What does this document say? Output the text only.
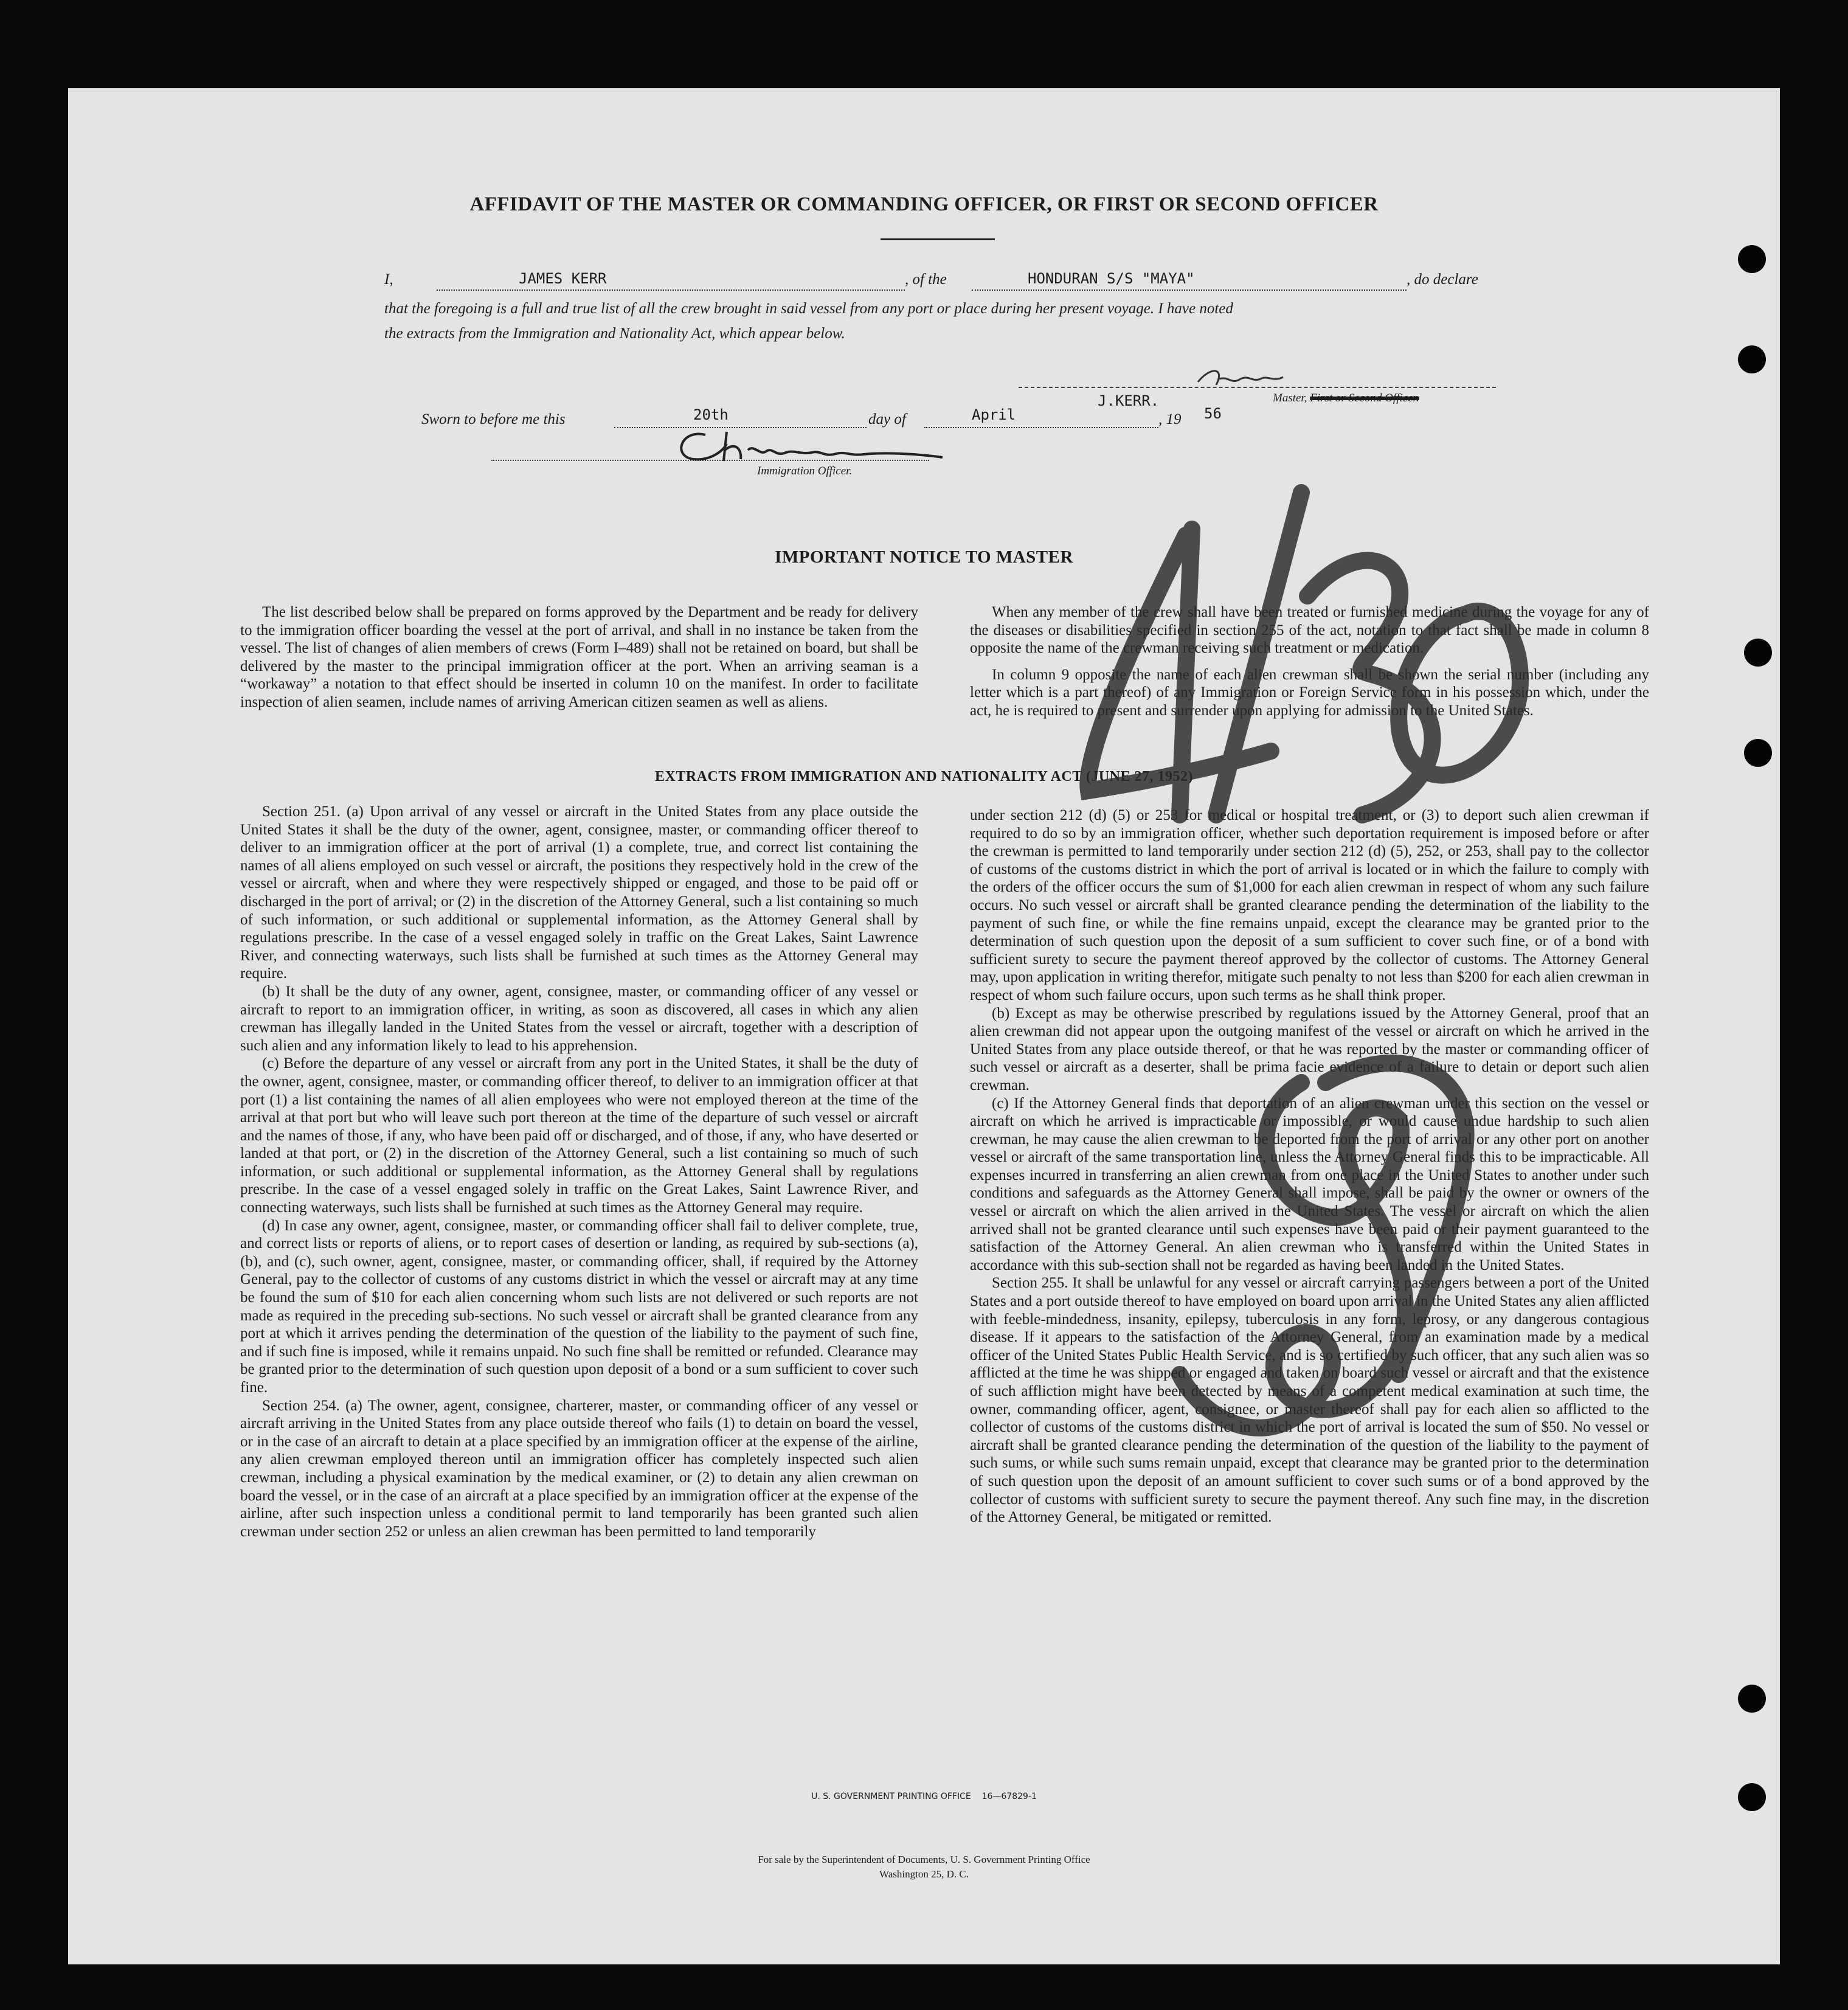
AFFIDAVIT OF THE MASTER OR COMMANDING OFFICER, OR FIRST OR SECOND OFFICER
I,	JAMES KERR	, of the	HONDURAN S/S "MAYA"	, do declare
that the foregoing is a full and true list of all the crew brought in said vessel from any port or place during her present voyage. I have noted
the extracts from the Immigration and Nationality Act, which appear below.
Master, First or Second Officer.
Sworn to before me this	20th	day of	April
J.KERR.
, 19 56
Immigration Officer.
IMPORTANT NOTICE TO MASTER

The list described below shall be prepared on forms approved by the Department and be ready for delivery to the immigration officer boarding the vessel at the port of arrival, and shall in no instance be taken from the vessel. The list of changes of alien members of crews (Form I–489) shall not be retained on board, but shall be delivered by the master to the principal immigration officer at the port. When an arriving seaman is a “workaway” a notation to that effect should be inserted in column 10 on the manifest. In order to facilitate inspection of alien seamen, include names of arriving American citizen seamen as well as aliens.

When any member of the crew shall have been treated or furnished medicine during the voyage for any of the diseases or disabilities specified in section 255 of the act, notation to that fact shall be made in column 8 opposite the name of the crewman receiving such treatment or medication.

In column 9 opposite the name of each alien crewman shall be shown the serial number (including any letter which is a part thereof) of any Immigration or Foreign Service form in his possession which, under the act, he is required to present and surrender upon applying for admission to the United States.

EXTRACTS FROM IMMIGRATION AND NATIONALITY ACT (JUNE 27, 1952)

Section 251. (a) Upon arrival of any vessel or aircraft in the United States from any place outside the United States it shall be the duty of the owner, agent, consignee, master, or commanding officer thereof to deliver to an immigration officer at the port of arrival (1) a complete, true, and correct list containing the names of all aliens employed on such vessel or aircraft, the positions they respectively hold in the crew of the vessel or aircraft, when and where they were respectively shipped or engaged, and those to be paid off or discharged in the port of arrival; or (2) in the discretion of the Attorney General, such a list containing so much of such information, or such additional or supplemental information, as the Attorney General shall by regulations prescribe. In the case of a vessel engaged solely in traffic on the Great Lakes, Saint Lawrence River, and connecting waterways, such lists shall be furnished at such times as the Attorney General may require.

(b) It shall be the duty of any owner, agent, consignee, master, or commanding officer of any vessel or aircraft to report to an immigration officer, in writing, as soon as discovered, all cases in which any alien crewman has illegally landed in the United States from the vessel or aircraft, together with a description of such alien and any information likely to lead to his apprehension.

(c) Before the departure of any vessel or aircraft from any port in the United States, it shall be the duty of the owner, agent, consignee, master, or commanding officer thereof, to deliver to an immigration officer at that port (1) a list containing the names of all alien employees who were not employed thereon at the time of the arrival at that port but who will leave such port thereon at the time of the departure of such vessel or aircraft and the names of those, if any, who have been paid off or discharged, and of those, if any, who have deserted or landed at that port, or (2) in the discretion of the Attorney General, such a list containing so much of such information, or such additional or supplemental information, as the Attorney General shall by regulations prescribe. In the case of a vessel engaged solely in traffic on the Great Lakes, Saint Lawrence River, and connecting waterways, such lists shall be furnished at such times as the Attorney General may require.

(d) In case any owner, agent, consignee, master, or commanding officer shall fail to deliver complete, true, and correct lists or reports of aliens, or to report cases of desertion or landing, as required by sub-sections (a), (b), and (c), such owner, agent, consignee, master, or commanding officer, shall, if required by the Attorney General, pay to the collector of customs of any customs district in which the vessel or aircraft may at any time be found the sum of $10 for each alien concerning whom such lists are not delivered or such reports are not made as required in the preceding sub-sections. No such vessel or aircraft shall be granted clearance from any port at which it arrives pending the determination of the question of the liability to the payment of such fine, and if such fine is imposed, while it remains unpaid. No such fine shall be remitted or refunded. Clearance may be granted prior to the determination of such question upon deposit of a bond or a sum sufficient to cover such fine.

Section 254. (a) The owner, agent, consignee, charterer, master, or commanding officer of any vessel or aircraft arriving in the United States from any place outside thereof who fails (1) to detain on board the vessel, or in the case of an aircraft to detain at a place specified by an immigration officer at the expense of the airline, any alien crewman employed thereon until an immigration officer has completely inspected such alien crewman, including a physical examination by the medical examiner, or (2) to detain any alien crewman on board the vessel, or in the case of an aircraft at a place specified by an immigration officer at the expense of the airline, after such inspection unless a conditional permit to land temporarily has been granted such alien crewman under section 252 or unless an alien crewman has been permitted to land temporarily

under section 212 (d) (5) or 253 for medical or hospital treatment, or (3) to deport such alien crewman if required to do so by an immigration officer, whether such deportation requirement is imposed before or after the crewman is permitted to land temporarily under section 212 (d) (5), 252, or 253, shall pay to the collector of customs of the customs district in which the port of arrival is located or in which the failure to comply with the orders of the officer occurs the sum of $1,000 for each alien crewman in respect of whom any such failure occurs. No such vessel or aircraft shall be granted clearance pending the determination of the liability to the payment of such fine, or while the fine remains unpaid, except the clearance may be granted prior to the determination of such question upon the deposit of a sum sufficient to cover such fine, or of a bond with sufficient surety to secure the payment thereof approved by the collector of customs. The Attorney General may, upon application in writing therefor, mitigate such penalty to not less than $200 for each alien crewman in respect of whom such failure occurs, upon such terms as he shall think proper.

(b) Except as may be otherwise prescribed by regulations issued by the Attorney General, proof that an alien crewman did not appear upon the outgoing manifest of the vessel or aircraft on which he arrived in the United States from any place outside thereof, or that he was reported by the master or commanding officer of such vessel or aircraft as a deserter, shall be prima facie evidence of a failure to detain or deport such alien crewman.

(c) If the Attorney General finds that deportation of an alien crewman under this section on the vessel or aircraft on which he arrived is impracticable or impossible, or would cause undue hardship to such alien crewman, he may cause the alien crewman to be deported from the port of arrival or any other port on another vessel or aircraft of the same transportation line, unless the Attorney General finds this to be impracticable. All expenses incurred in transferring an alien crewman from one place in the United States to another under such conditions and safeguards as the Attorney General shall impose, shall be paid by the owner or owners of the vessel or aircraft on which the alien arrived in the United States. The vessel or aircraft on which the alien arrived shall not be granted clearance until such expenses have been paid or their payment guaranteed to the satisfaction of the Attorney General. An alien crewman who is transferred within the United States in accordance with this sub-section shall not be regarded as having been landed in the United States.

Section 255. It shall be unlawful for any vessel or aircraft carrying passengers between a port of the United States and a port outside thereof to have employed on board upon arrival in the United States any alien afflicted with feeble-mindedness, insanity, epilepsy, tuberculosis in any form, leprosy, or any dangerous contagious disease. If it appears to the satisfaction of the Attorney General, from an examination made by a medical officer of the United States Public Health Service, and is so certified by such officer, that any such alien was so afflicted at the time he was shipped or engaged and taken on board such vessel or aircraft and that the existence of such affliction might have been detected by means of a competent medical examination at such time, the owner, commanding officer, agent, consignee, or master thereof shall pay for each alien so afflicted to the collector of customs of the customs district in which the port of arrival is located the sum of $50. No vessel or aircraft shall be granted clearance pending the determination of the question of the liability to the payment of such sums, or while such sums remain unpaid, except that clearance may be granted prior to the determination of such question upon the deposit of an amount sufficient to cover such sums or of a bond approved by the collector of customs with sufficient surety to secure the payment thereof. Any such fine may, in the discretion of the Attorney General, be mitigated or remitted.

U. S. GOVERNMENT PRINTING OFFICE    16—67829-1
For sale by the Superintendent of Documents, U. S. Government Printing Office
Washington 25, D. C.
